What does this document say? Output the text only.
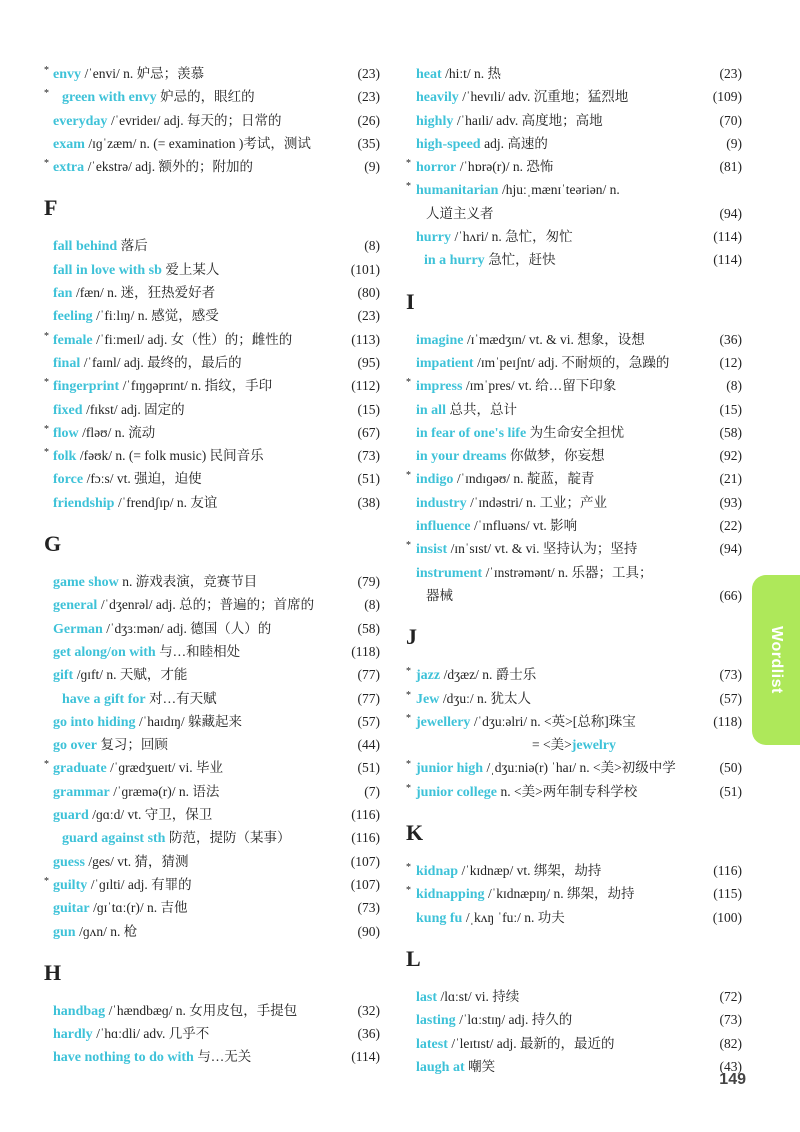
* envy /ˈenvi/ n. 妒忌；羡慕	(23)
* green with envy 妒忌的，眼红的	(23)
everyday /ˈevrideɪ/ adj. 每天的；日常的	(26)
exam /ɪɡˈzæm/ n. (= examination )考试，测试	(35)
* extra /ˈekstrə/ adj. 额外的；附加的	(9)
F
fall behind 落后	(8)
fall in love with sb 爱上某人	(101)
fan /fæn/ n. 迷，狂热爱好者	(80)
feeling /ˈfiːlɪŋ/ n. 感觉，感受	(23)
* female /ˈfiːmeɪl/ adj. 女（性）的；雌性的	(113)
final /ˈfaɪnl/ adj. 最终的，最后的	(95)
* fingerprint /ˈfɪŋɡəprɪnt/ n. 指纹，手印	(112)
fixed /fɪkst/ adj. 固定的	(15)
* flow /fləʊ/ n. 流动	(67)
* folk /fəʊk/ n. (= folk music) 民间音乐	(73)
force /fɔːs/ vt. 强迫，迫使	(51)
friendship /ˈfrendʃɪp/ n. 友谊	(38)
G
game show n. 游戏表演，竞赛节目	(79)
general /ˈdʒenrəl/ adj. 总的；普遍的；首席的	(8)
German /ˈdʒɜːmən/ adj. 德国（人）的	(58)
get along/on with 与…和睦相处	(118)
gift /ɡɪft/ n. 天赋，才能	(77)
have a gift for 对…有天赋	(77)
go into hiding /ˈhaɪdɪŋ/ 躲藏起来	(57)
go over 复习；回顾	(44)
* graduate /ˈɡrædʒueɪt/ vi. 毕业	(51)
grammar /ˈɡræmə(r)/ n. 语法	(7)
guard /ɡɑːd/ vt. 守卫，保卫	(116)
guard against sth 防范，提防（某事）	(116)
guess /ges/ vt. 猜，猜测	(107)
* guilty /ˈɡɪlti/ adj. 有罪的	(107)
guitar /ɡɪˈtɑː(r)/ n. 吉他	(73)
gun /ɡʌn/ n. 枪	(90)
H
handbag /ˈhændbæɡ/ n. 女用皮包，手提包	(32)
hardly /ˈhɑːdli/ adv. 几乎不	(36)
have nothing to do with 与…无关	(114)
heat /hiːt/ n. 热	(23)
heavily /ˈhevɪli/ adv. 沉重地；猛烈地	(109)
highly /ˈhaɪli/ adv. 高度地；高地	(70)
high-speed adj. 高速的	(9)
* horror /ˈhɒrə(r)/ n. 恐怖	(81)
* humanitarian /hjuːˌmænɪˈteəriən/ n.
人道主义者	(94)
hurry /ˈhʌri/ n. 急忙，匆忙	(114)
in a hurry 急忙，赶快	(114)
I
imagine /ɪˈmædʒɪn/ vt. & vi. 想象，设想	(36)
impatient /ɪmˈpeɪʃnt/ adj. 不耐烦的，急躁的	(12)
* impress /ɪmˈpres/ vt. 给…留下印象	(8)
in all 总共，总计	(15)
in fear of one's life 为生命安全担忧	(58)
in your dreams 你做梦，你妄想	(92)
* indigo /ˈɪndɪɡəʊ/ n. 靛蓝，靛青	(21)
industry /ˈɪndəstri/ n. 工业；产业	(93)
influence /ˈɪnfluəns/ vt. 影响	(22)
* insist /ɪnˈsɪst/ vt. & vi. 坚持认为；坚持	(94)
instrument /ˈɪnstrəmənt/ n. 乐器；工具；
器械	(66)
J
* jazz /dʒæz/ n. 爵士乐	(73)
* Jew /dʒuː/ n. 犹太人	(57)
* jewellery /ˈdʒuːəlri/ n. <英>[总称]珠宝	(118)
= <美>jewelry
* junior high /ˌdʒuːniə(r) ˈhaɪ/ n. <美>初级中学	(50)
* junior college n. <美>两年制专科学校	(51)
K
* kidnap /ˈkɪdnæp/ vt. 绑架，劫持	(116)
* kidnapping /ˈkɪdnæpɪŋ/ n. 绑架，劫持	(115)
kung fu /ˌkʌŋ ˈfuː/ n. 功夫	(100)
L
last /lɑːst/ vi. 持续	(72)
lasting /ˈlɑːstɪŋ/ adj. 持久的	(73)
latest /ˈleɪtɪst/ adj. 最新的，最近的	(82)
laugh at 嘲笑	(43)
Wordlist
149
